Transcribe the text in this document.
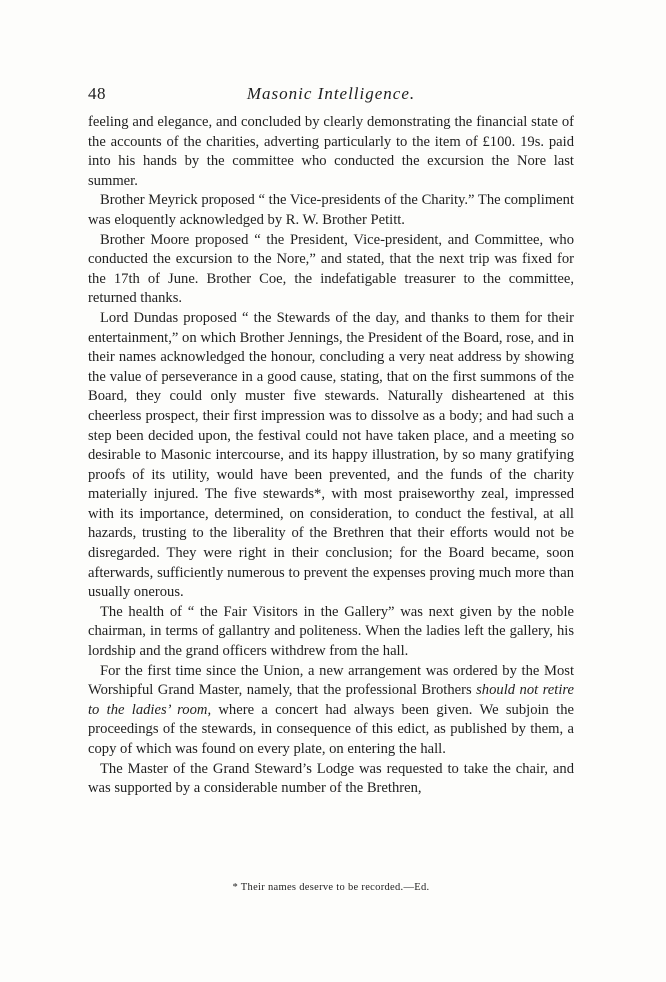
48	Masonic Intelligence.

feeling and elegance, and concluded by clearly demonstrating the financial state of the accounts of the charities, adverting particularly to the item of £100. 19s. paid into his hands by the committee who conducted the excursion the Nore last summer.

Brother Meyrick proposed “ the Vice-presidents of the Charity.” The compliment was eloquently acknowledged by R. W. Brother Petitt.

Brother Moore proposed “ the President, Vice-president, and Committee, who conducted the excursion to the Nore,” and stated, that the next trip was fixed for the 17th of June. Brother Coe, the indefatigable treasurer to the committee, returned thanks.

Lord Dundas proposed “ the Stewards of the day, and thanks to them for their entertainment,” on which Brother Jennings, the President of the Board, rose, and in their names acknowledged the honour, concluding a very neat address by showing the value of perseverance in a good cause, stating, that on the first summons of the Board, they could only muster five stewards. Naturally disheartened at this cheerless prospect, their first impression was to dissolve as a body; and had such a step been decided upon, the festival could not have taken place, and a meeting so desirable to Masonic intercourse, and its happy illustration, by so many gratifying proofs of its utility, would have been prevented, and the funds of the charity materially injured. The five stewards*, with most praiseworthy zeal, impressed with its importance, determined, on consideration, to conduct the festival, at all hazards, trusting to the liberality of the Brethren that their efforts would not be disregarded. They were right in their conclusion; for the Board became, soon afterwards, sufficiently numerous to prevent the expenses proving much more than usually onerous.

The health of “ the Fair Visitors in the Gallery” was next given by the noble chairman, in terms of gallantry and politeness. When the ladies left the gallery, his lordship and the grand officers withdrew from the hall.

For the first time since the Union, a new arrangement was ordered by the Most Worshipful Grand Master, namely, that the professional Brothers should not retire to the ladies’ room, where a concert had always been given. We subjoin the proceedings of the stewards, in consequence of this edict, as published by them, a copy of which was found on every plate, on entering the hall.

The Master of the Grand Steward’s Lodge was requested to take the chair, and was supported by a considerable number of the Brethren,

* Their names deserve to be recorded.—Ed.
